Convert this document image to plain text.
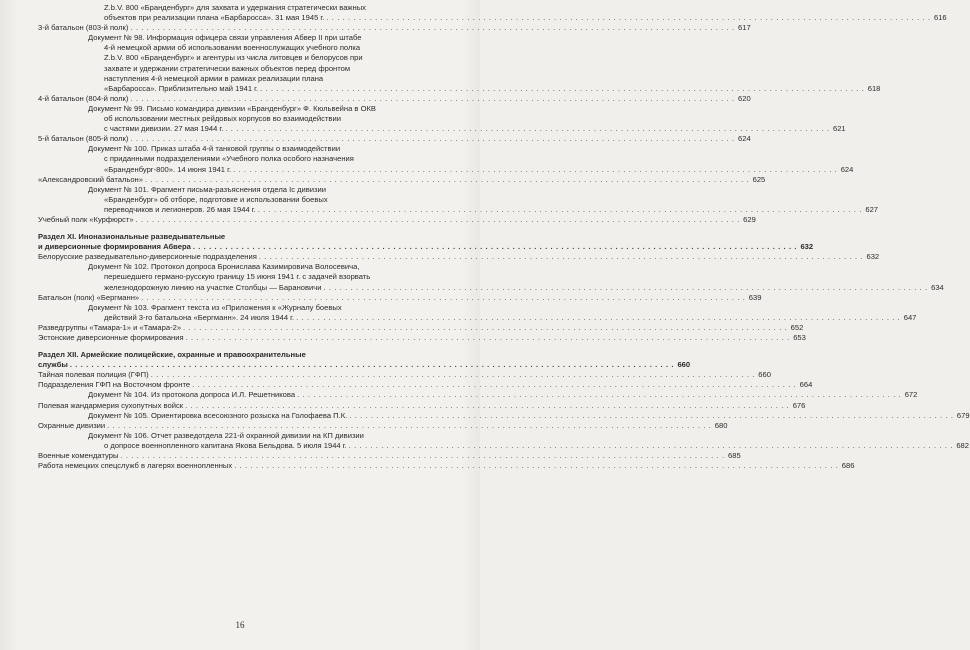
Z.b.V. 800 «Бранденбург» для захвата и удержания стратегически важных
объектов при реализации плана «Барбаросса». 31 мая 1945 г. . . .	616
3-й батальон (803-й полк) . . .	617
Документ № 98. Информация офицера связи управления Абвер II при штабе
4-й немецкой армии об использовании военнослужащих учебного полка
Z.b.V. 800 «Бранденбург» и агентуры из числа литовцев и белорусов при
захвате и удержании стратегически важных объектов перед фронтом
наступления 4-й немецкой армии в рамках реализации плана
«Барбаросса». Приблизительно май 1941 г. . . .	618
4-й батальон (804-й полк) . . .	620
Документ № 99. Письмо командира дивизии «Бранденбург» Ф. Кюльвейна в ОКВ
об использовании местных рейдовых корпусов во взаимодействии
с частями дивизии. 27 мая 1944 г. . . .	621
5-й батальон (805-й полк) . . .	624
Документ № 100. Приказ штаба 4-й танковой группы о взаимодействии
с приданными подразделениями «Учебного полка особого назначения
«Бранденбург-800». 14 июня 1941 г. . . .	624
«Александровский батальон» . . .	625
Документ № 101. Фрагмент письма-разъяснения отдела Ic дивизии
«Бранденбург» об отборе, подготовке и использовании боевых
переводчиков и легионеров. 26 мая 1944 г. . . .	627
Учебный полк «Курфюрст» . . .	629
Раздел XI. Иноназиональные разведывательные
и диверсионные формирования Абвера . . .	632
Белорусские разведывательно-диверсионные подразделения . . .	632
Документ № 102. Протокол допроса Бронислава Казимировича Волосевича,
перешедшего германо-русскую границу 15 июня 1941 г. с задачей взорвать
железнодорожную линию на участке Столбцы — Барановичи . . .	634
Батальон (полк) «Бергманн» . . .	639
Документ № 103. Фрагмент текста из «Приложения к «Журналу боевых
действий 3-го батальона «Бергманн». 24 июля 1944 г. . . .	647
Разведгруппы «Тамара-1» и «Тамара-2» . . .	652
Эстонские диверсионные формирования . . .	653
Раздел XII. Армейские полицейские, охранные и правоохранительные
службы . . .	660
Тайная полевая полиция (ГФП) . . .	660
Подразделения ГФП на Восточном фронте . . .	664
Документ № 104. Из протокола допроса И.Л. Решетникова . . .	672
Полевая жандармерия сухопутных войск . . .	676
Документ № 105. Ориентировка всесоюзного розыска на Голофаева П.К. . . .	679
Охранные дивизии . . .	680
Документ № 106. Отчет разведотдела 221-й охранной дивизии на КП дивизии
о допросе военнопленного капитана Якова Бельдова. 5 июля 1944 г. . . .	682
Военные комендатуры . . .	685
Работа немецких спецслужб в лагерях военнопленных . . .	686
16
